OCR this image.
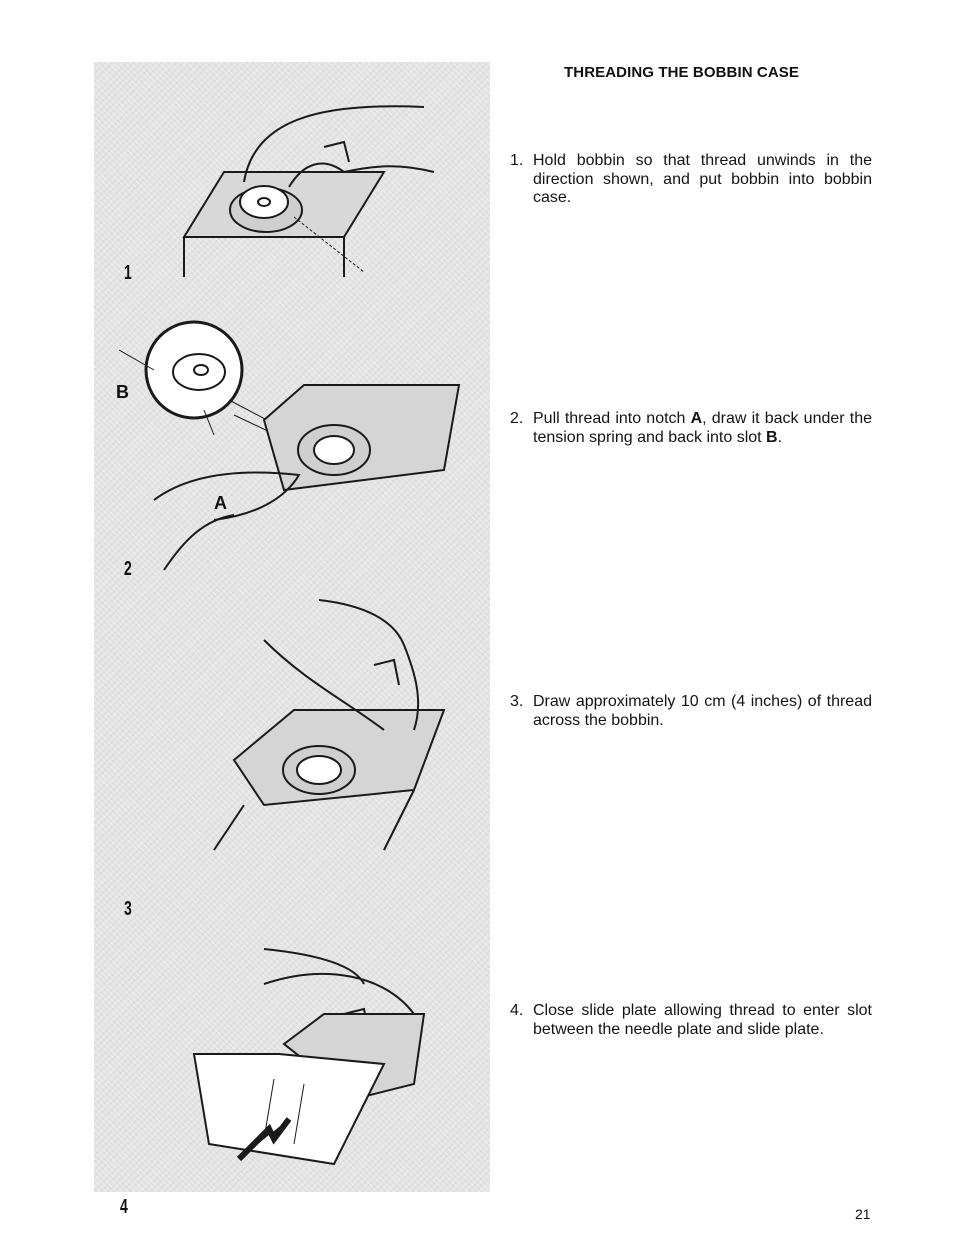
1
B
A
2
3
4
THREADING THE BOBBIN CASE
1. Hold bobbin so that thread unwinds in the direction shown, and put bobbin into bobbin case.
2. Pull thread into notch A, draw it back under the tension spring and back into slot B.
3. Draw approximately 10 cm (4 inches) of thread across the bobbin.
4. Close slide plate allowing thread to enter slot between the needle plate and slide plate.
21
